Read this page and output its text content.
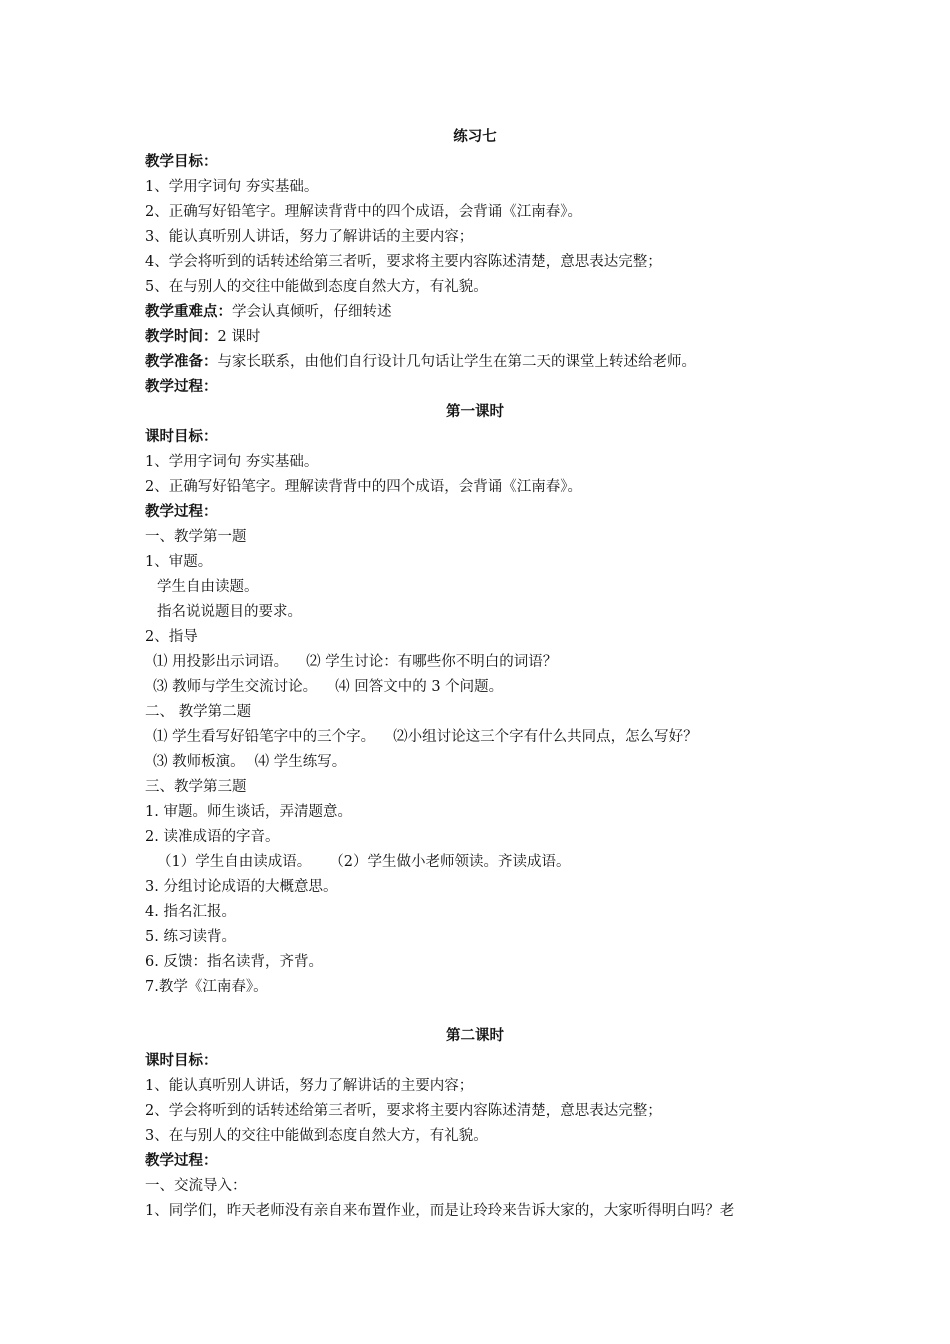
练习七
教学目标：
1、学用字词句 夯实基础。
2、正确写好铅笔字。理解读背背中的四个成语，会背诵《江南春》。
3、能认真听别人讲话，努力了解讲话的主要内容；
4、学会将听到的话转述给第三者听，要求将主要内容陈述清楚，意思表达完整；
5、在与别人的交往中能做到态度自然大方，有礼貌。
教学重难点：学会认真倾听，仔细转述
教学时间：2 课时
教学准备：与家长联系，由他们自行设计几句话让学生在第二天的课堂上转述给老师。
教学过程：
第一课时
课时目标：
1、学用字词句 夯实基础。
2、正确写好铅笔字。理解读背背中的四个成语，会背诵《江南春》。
教学过程：
一、教学第一题
1、审题。
学生自由读题。
指名说说题目的要求。
2、指导
⑴ 用投影出示词语。 ⑵ 学生讨论：有哪些你不明白的词语？
⑶ 教师与学生交流讨论。 ⑷ 回答文中的 3 个问题。
二、 教学第二题
⑴ 学生看写好铅笔字中的三个字。 ⑵小组讨论这三个字有什么共同点，怎么写好？
⑶ 教师板演。 ⑷ 学生练写。
三、教学第三题
1. 审题。师生谈话，弄清题意。
2. 读准成语的字音。
（1）学生自由读成语。 （2）学生做小老师领读。齐读成语。
3. 分组讨论成语的大概意思。
4. 指名汇报。
5. 练习读背。
6. 反馈：指名读背，齐背。
7.教学《江南春》。
第二课时
课时目标：
1、能认真听别人讲话，努力了解讲话的主要内容；
2、学会将听到的话转述给第三者听，要求将主要内容陈述清楚，意思表达完整；
3、在与别人的交往中能做到态度自然大方，有礼貌。
教学过程：
一、交流导入：
1、同学们，昨天老师没有亲自来布置作业，而是让玲玲来告诉大家的，大家听得明白吗？老
